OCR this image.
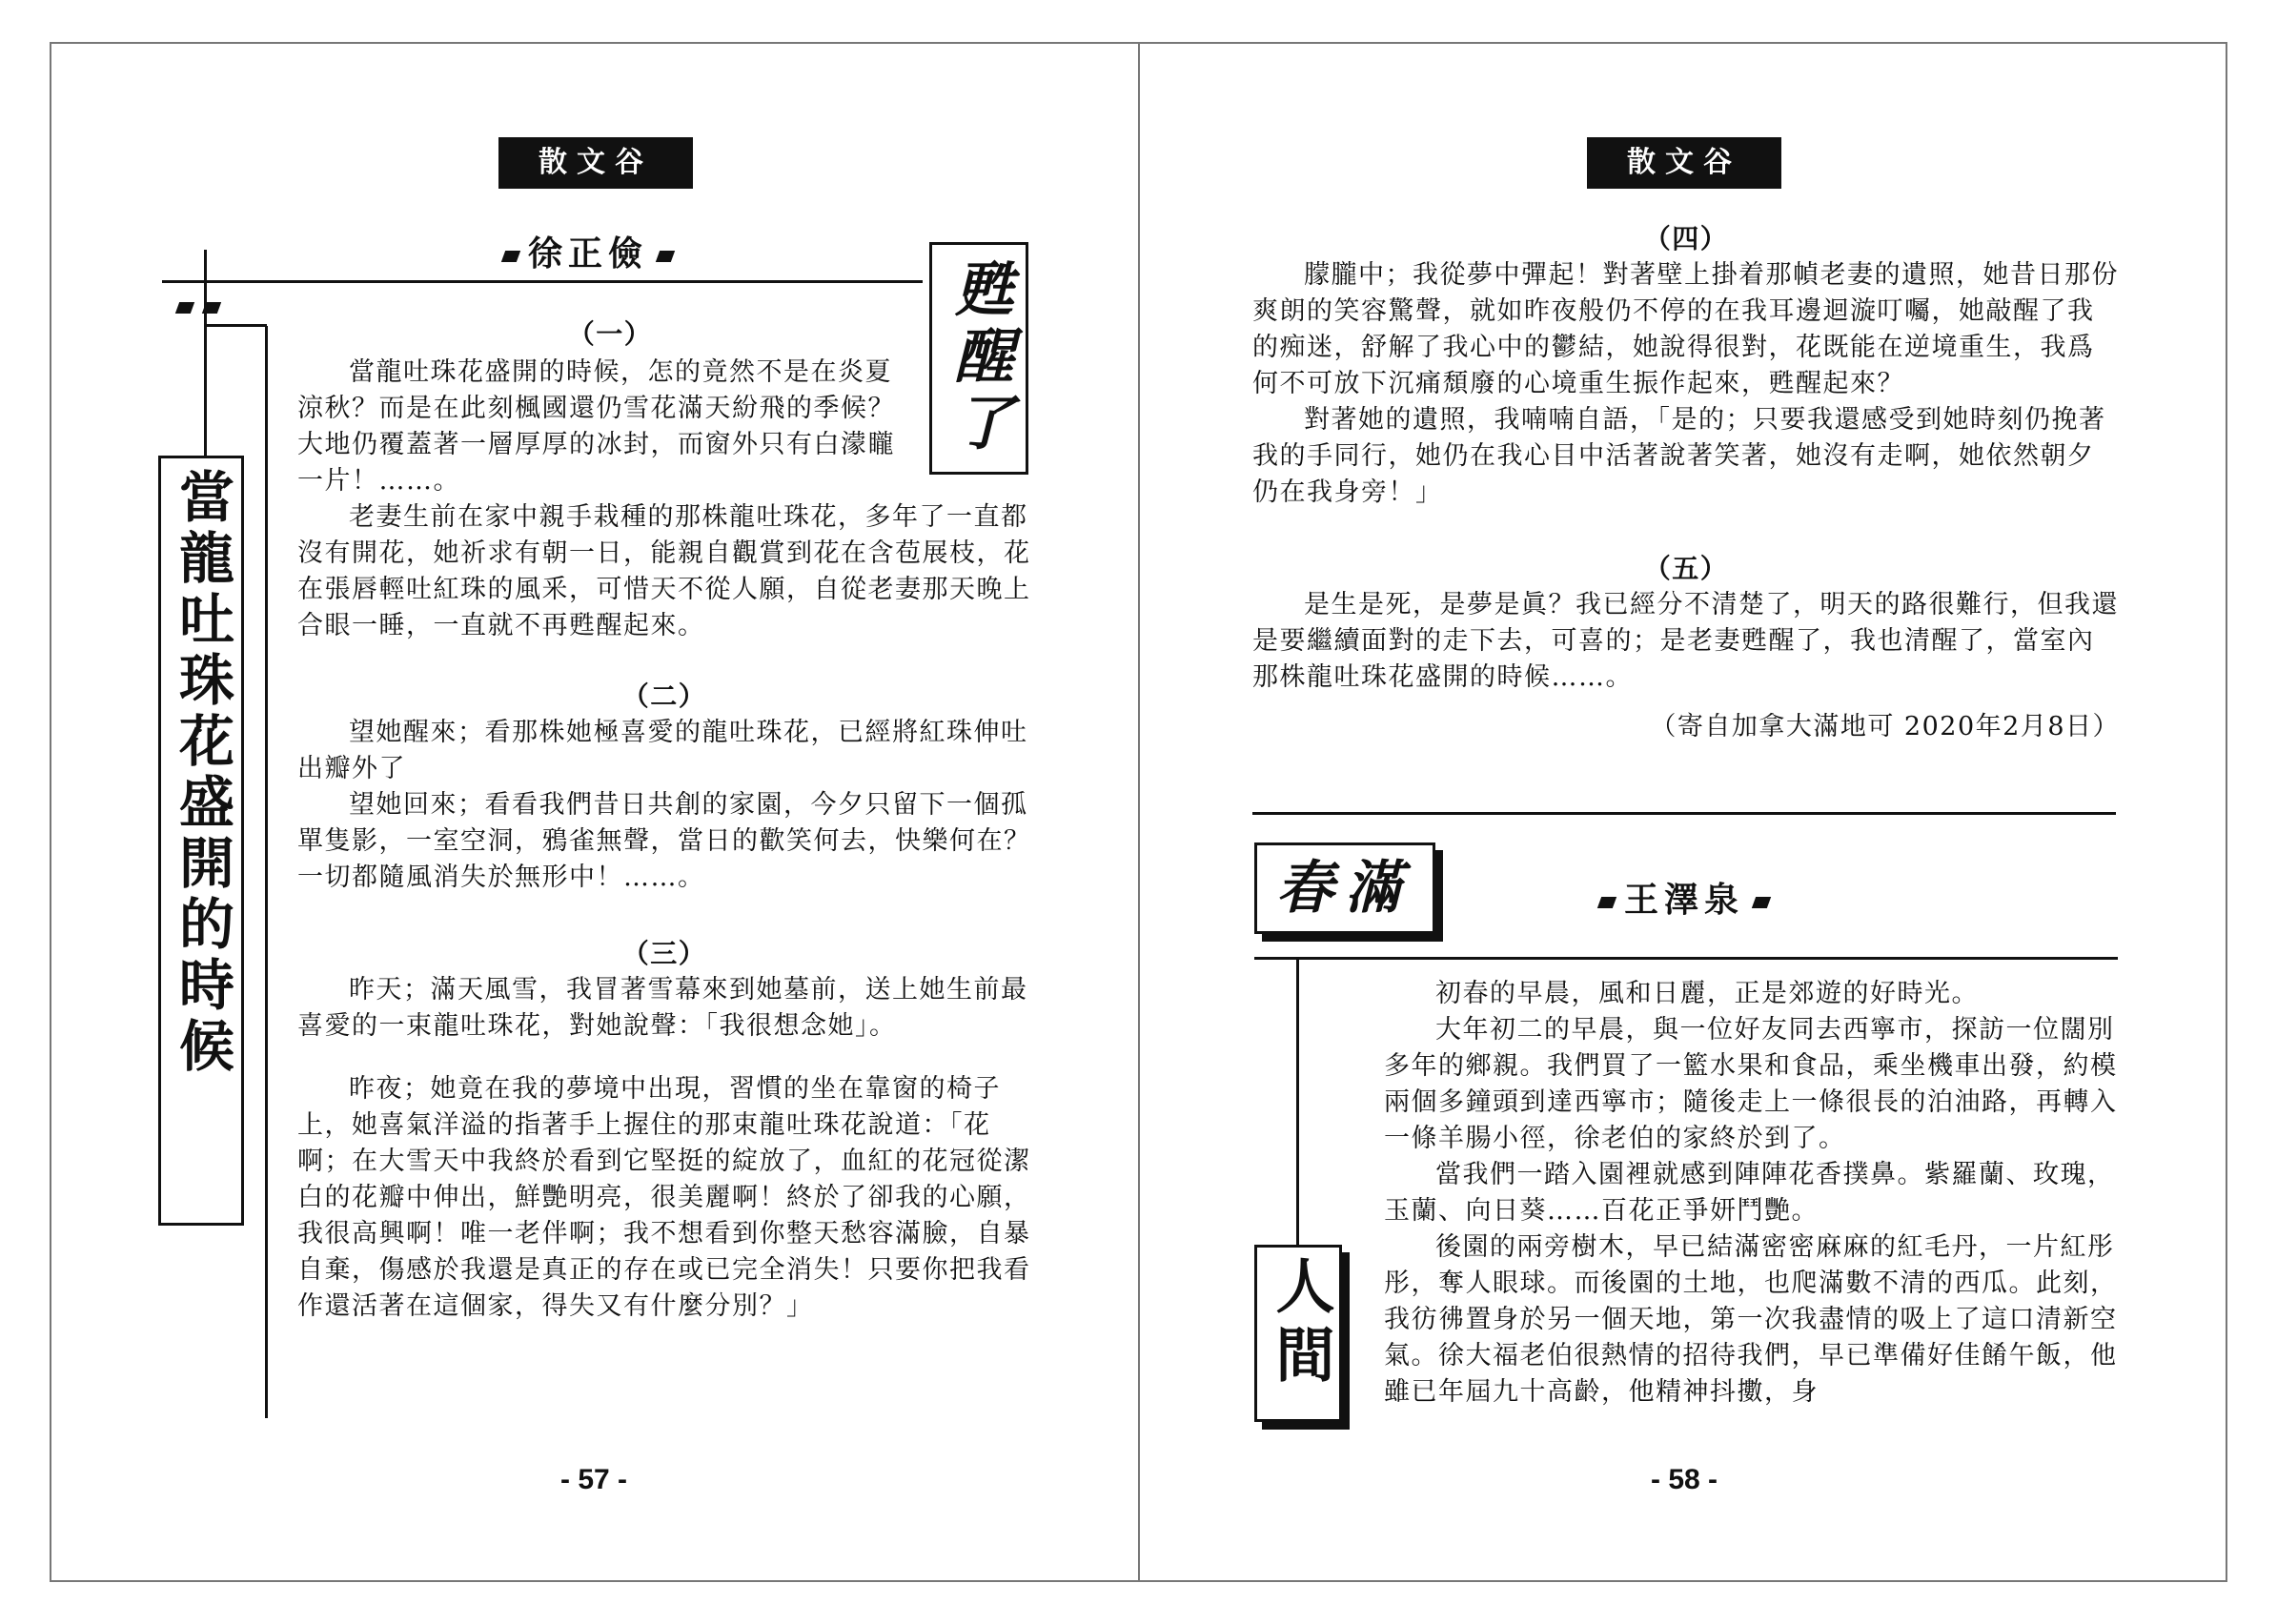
散文谷
徐正儉
當龍吐珠花盛開的時候
甦醒了

（一）

當龍吐珠花盛開的時候，怎的竟然不是在炎夏涼秋？而是在此刻楓國還仍雪花滿天紛飛的季候？大地仍覆蓋著一層厚厚的冰封，而窗外只有白濛矓一片！……。

老妻生前在家中親手栽種的那株龍吐珠花，多年了一直都沒有開花，她祈求有朝一日，能親自觀賞到花在含苞展枝，花在張唇輕吐紅珠的風釆，可惜天不從人願，自從老妻那天晚上合眼一睡，一直就不再甦醒起來。

（二）

望她醒來；看那株她極喜愛的龍吐珠花，已經將紅珠伸吐出瓣外了

望她回來；看看我們昔日共創的家園，今夕只留下一個孤單隻影，一室空洞，鴉雀無聲，當日的歡笑何去，快樂何在？一切都隨風消失於無形中！……。

（三）

昨天；滿天風雪，我冒著雪幕來到她墓前，送上她生前最喜愛的一束龍吐珠花，對她說聲：「我很想念她」。

昨夜；她竟在我的夢境中出現，習慣的坐在靠窗的椅子上，她喜氣洋溢的指著手上握住的那束龍吐珠花說道：「花啊；在大雪天中我終於看到它堅挺的綻放了，血紅的花冠從潔白的花瓣中伸出，鮮艷明亮，很美麗啊！終於了卻我的心願，我很高興啊！唯一老伴啊；我不想看到你整天愁容滿臉，自暴自棄，傷感於我還是真正的存在或已完全消失！只要你把我看作還活著在這個家，得失又有什麼分別？」

- 57 -
散文谷

（四）

朦朧中；我從夢中彈起！對著壁上掛着那幀老妻的遺照，她昔日那份爽朗的笑容驚聲，就如昨夜般仍不停的在我耳邊迴漩叮囑，她敲醒了我的痴迷，舒解了我心中的鬱結，她說得很對，花既能在逆境重生，我爲何不可放下沉痛頹廢的心境重生振作起來，甦醒起來？

對著她的遺照，我喃喃自語，「是的；只要我還感受到她時刻仍挽著我的手同行，她仍在我心目中活著說著笑著，她沒有走啊，她依然朝夕仍在我身旁！」

（五）

是生是死，是夢是眞？我已經分不清楚了，明天的路很難行，但我還是要繼續面對的走下去，可喜的；是老妻甦醒了，我也清醒了，當室內那株龍吐珠花盛開的時候……。

（寄自加拿大滿地可 2020年2月8日）

春滿	王澤泉
人間

初春的早晨，風和日麗，正是郊遊的好時光。

大年初二的早晨，與一位好友同去西寧市，探訪一位闊別多年的鄉親。我們買了一籃水果和食品，乘坐機車出發，約模兩個多鐘頭到達西寧市；隨後走上一條很長的泊油路，再轉入一條羊腸小徑，徐老伯的家終於到了。

當我們一踏入園裡就感到陣陣花香撲鼻。紫羅蘭、玫瑰，玉蘭、向日葵……百花正爭妍鬥艷。

後園的兩旁樹木，早已結滿密密麻麻的紅毛丹，一片紅彤彤，奪人眼球。而後園的土地，也爬滿數不清的西瓜。此刻，我彷彿置身於另一個天地，第一次我盡情的吸上了這口清新空氣。徐大福老伯很熱情的招待我們，早已準備好佳餚午飯，他雖已年屆九十高齡，他精神抖擻，身

- 58 -
